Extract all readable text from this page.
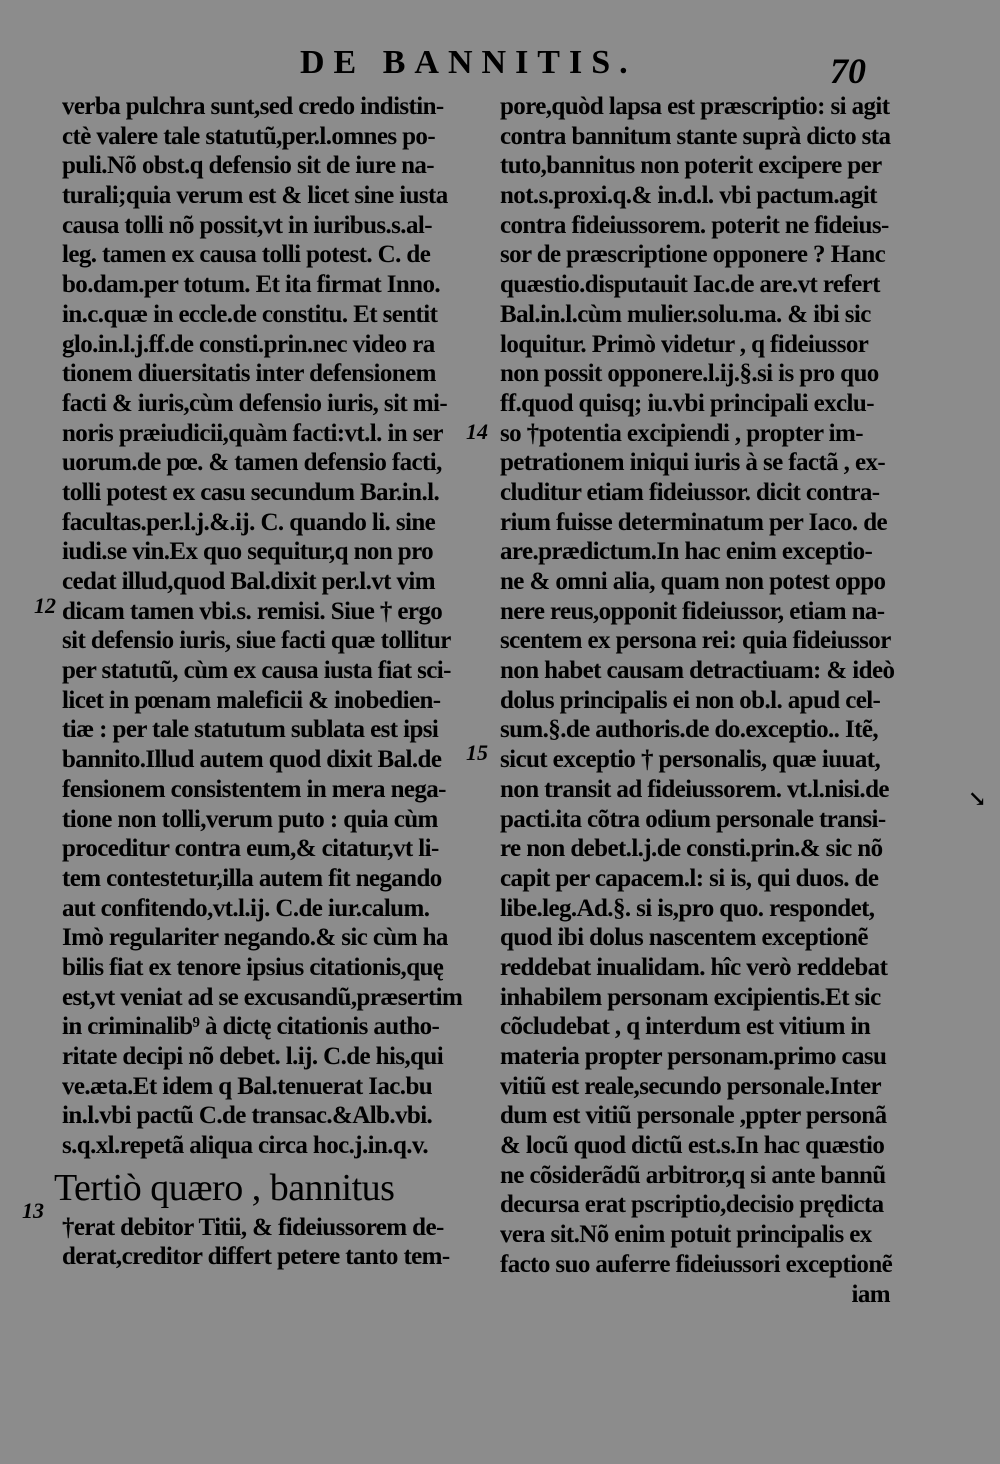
DE BANNITIS.	70
12
14
15
13
↘
verba pulchra sunt,sed credo indistin-
ctè valere tale statutũ,per.l.omnes po-
puli.Nõ obst.q defensio sit de iure na-
turali;quia verum est & licet sine iusta
causa tolli nõ possit,vt in iuribus.s.al-
leg. tamen ex causa tolli potest. C. de
bo.dam.per totum. Et ita firmat Inno.
in.c.quæ in eccle.de constitu. Et sentit
glo.in.l.j.ff.de consti.prin.nec video ra
tionem diuersitatis inter defensionem
facti & iuris,cùm defensio iuris, sit mi-
noris præiudicii,quàm facti:vt.l. in ser
uorum.de pœ. & tamen defensio facti,
tolli potest ex casu secundum Bar.in.l.
facultas.per.l.j.&.ij. C. quando li. sine
iudi.se vin.Ex quo sequitur,q non pro
cedat illud,quod Bal.dixit per.l.vt vim
dicam tamen vbi.s. remisi. Siue † ergo
sit defensio iuris, siue facti quæ tollitur
per statutũ, cùm ex causa iusta fiat sci-
licet in pœnam maleficii & inobedien-
tiæ : per tale statutum sublata est ipsi
bannito.Illud autem quod dixit Bal.de
fensionem consistentem in mera nega-
tione non tolli,verum puto : quia cùm
proceditur contra eum,& citatur,vt li-
tem contestetur,illa autem fit negando
aut confitendo,vt.l.ij. C.de iur.calum.
Imò regulariter negando.& sic cùm ha
bilis fiat ex tenore ipsius citationis,quę
est,vt veniat ad se excusandũ,præsertim
in criminalib⁹ à dictę citationis autho-
ritate decipi nõ debet. l.ij. C.de his,qui
ve.æta.Et idem q Bal.tenuerat Iac.bu
in.l.vbi pactũ C.de transac.&Alb.vbi.
s.q.xl.repetã aliqua circa hoc.j.in.q.v.
Tertiò quæro , bannitus
†erat debitor Titii, & fideiussorem de-
derat,creditor differt petere tanto tem-
pore,quòd lapsa est præscriptio: si agit
contra bannitum stante suprà dicto sta
tuto,bannitus non poterit excipere per
not.s.proxi.q.& in.d.l. vbi pactum.agit
contra fideiussorem. poterit ne fideius-
sor de præscriptione opponere ? Hanc
quæstio.disputauit Iac.de are.vt refert
Bal.in.l.cùm mulier.solu.ma. & ibi sic
loquitur. Primò videtur , q fideiussor
non possit opponere.l.ij.§.si is pro quo
ff.quod quisq; iu.vbi principali exclu-
so †potentia excipiendi , propter im-
petrationem iniqui iuris à se factã , ex-
cluditur etiam fideiussor. dicit contra-
rium fuisse determinatum per Iaco. de
are.prædictum.In hac enim exceptio-
ne & omni alia, quam non potest oppo
nere reus,opponit fideiussor, etiam na-
scentem ex persona rei: quia fideiussor
non habet causam detractiuam: & ideò
dolus principalis ei non ob.l. apud cel-
sum.§.de authoris.de do.exceptio.. Itẽ,
sicut exceptio † personalis, quæ iuuat,
non transit ad fideiussorem. vt.l.nisi.de
pacti.ita cõtra odium personale transi-
re non debet.l.j.de consti.prin.& sic nõ
capit per capacem.l: si is, qui duos. de
libe.leg.Ad.§. si is,pro quo. respondet,
quod ibi dolus nascentem exceptionẽ
reddebat inualidam. hîc verò reddebat
inhabilem personam excipientis.Et sic
cõcludebat , q interdum est vitium in
materia propter personam.primo casu
vitiũ est reale,secundo personale.Inter
dum est vitiũ personale ,ppter personã
& locũ quod dictũ est.s.In hac quæstio
ne cõsiderãdũ arbitror,q si ante bannũ
decursa erat pscriptio,decisio prędicta
vera sit.Nõ enim potuit principalis ex
facto suo auferre fideiussori exceptionẽ
iam
